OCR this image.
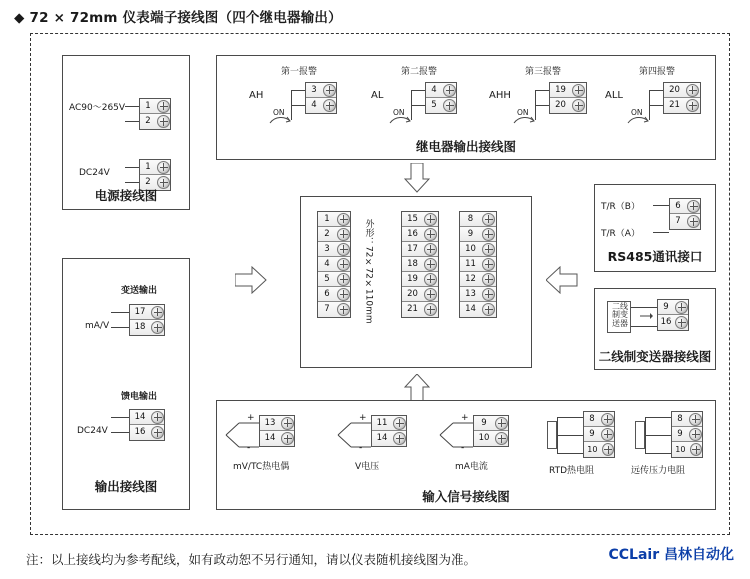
◆ 72 × 72mm 仪表端子接线图（四个继电器输出）
AC90～265V	1
2
DC24V
1
2
电源接线图
变送输出
mA/V
17
18
馈电输出
DC24V
14
16
输出接线图
第一报警
AH
ON
3
4
第二报警
AL
ON
4
5
第三报警
AHH
ON
19
20
第四报警
ALL
ON
20
21
继电器输出接线图
外形：72×72×110mm
1
2
3
4
5
6
7
15
16
17
18
19
20
21
8
9
10
11
12
13
14
T/R（B）
T/R（A）
6
7
RS485通讯接口
二线制变送器
9
16
二线制变送器接线图
+
-
13
14
mV/TC热电偶
+
-
11
14
V电压
+
-
9
10
mA电流
8
9
10
RTD热电阻
8
9
10
远传压力电阻
输入信号接线图
注：以上接线均为参考配线，如有政动恕不另行通知，请以仪表随机接线图为准。	CCLair 昌林自动化
